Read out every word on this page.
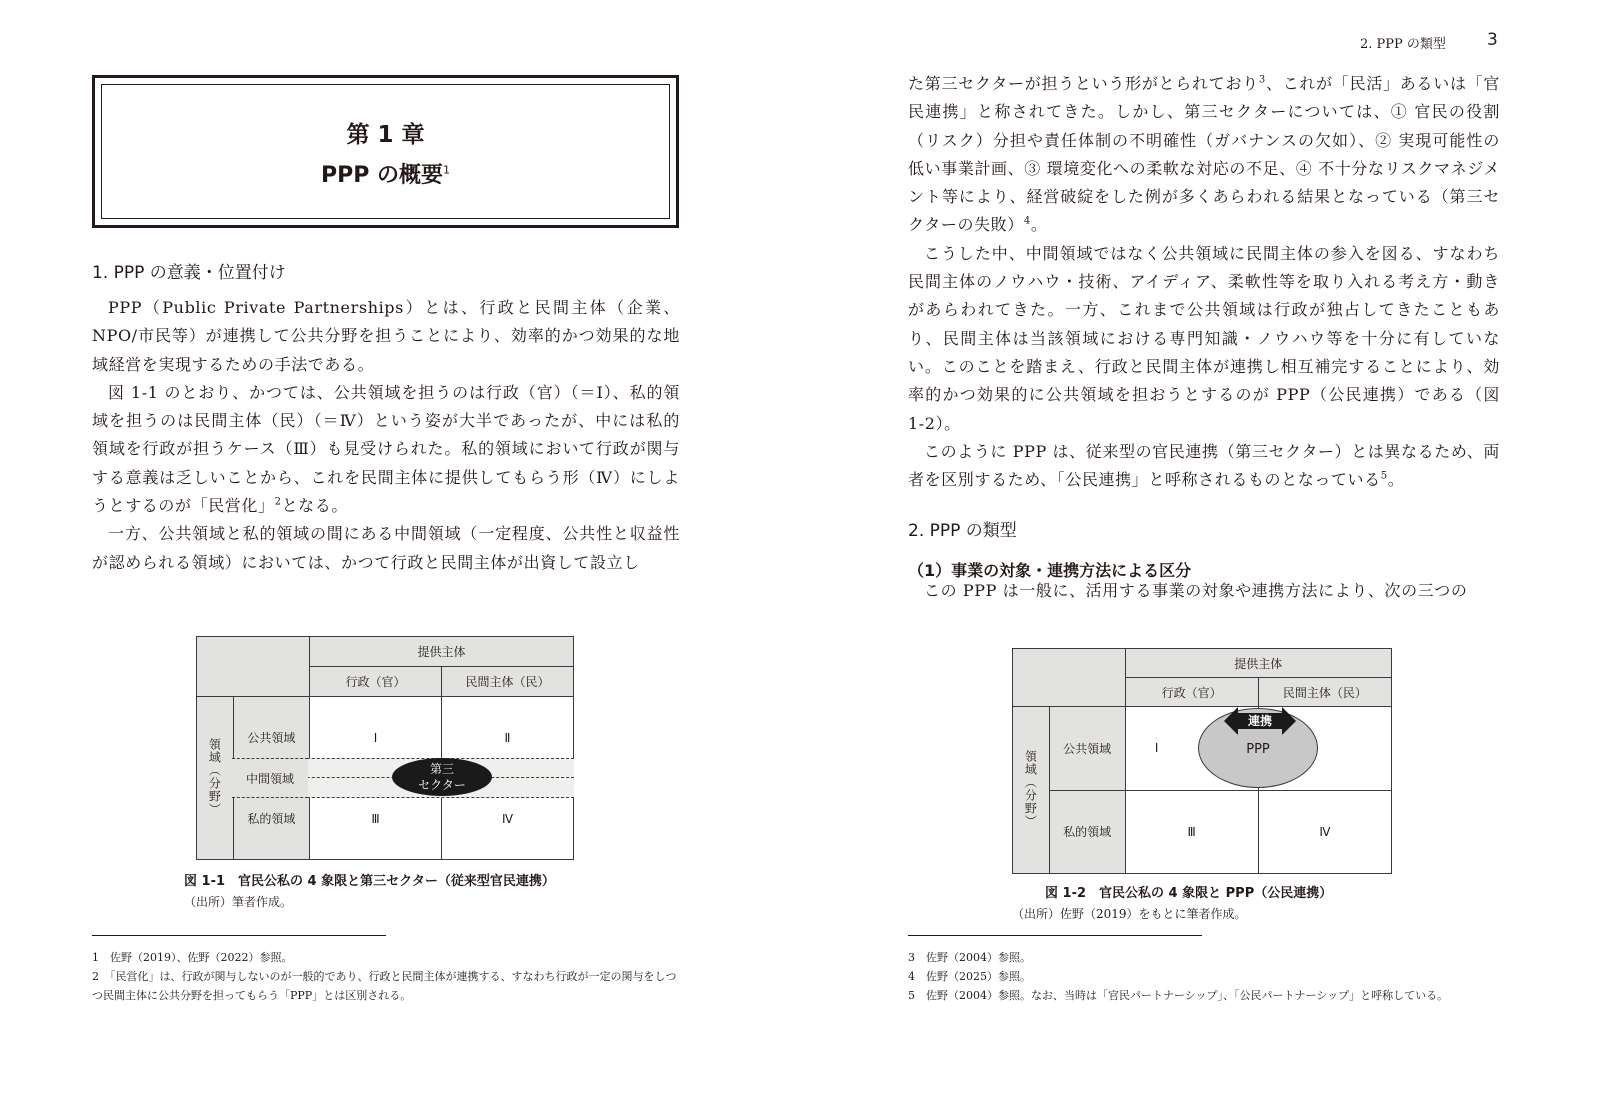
2. PPP の類型 3
第 1 章
PPP の概要$^1$
1. PPP の意義・位置付け

PPP（Public Private Partnerships）とは、行政と民間主体（企業、NPO/市民等）が連携して公共分野を担うことにより、効率的かつ効果的な地域経営を実現するための手法である。

図 1-1 のとおり、かつては、公共領域を担うのは行政（官）（＝Ⅰ）、私的領域を担うのは民間主体（民）（＝Ⅳ）という姿が大半であったが、中には私的領域を行政が担うケース（Ⅲ）も見受けられた。私的領域において行政が関与する意義は乏しいことから、これを民間主体に提供してもらう形（Ⅳ）にしようとするのが「民営化」$^2$となる。

一方、公共領域と私的領域の間にある中間領域（一定程度、公共性と収益性が認められる領域）においては、かつて行政と民間主体が出資して設立し

た第三セクターが担うという形がとられており$^3$、これが「民活」あるいは「官民連携」と称されてきた。しかし、第三セクターについては、① 官民の役割（リスク）分担や責任体制の不明確性（ガバナンスの欠如）、② 実現可能性の低い事業計画、③ 環境変化への柔軟な対応の不足、④ 不十分なリスクマネジメント等により、経営破綻をした例が多くあらわれる結果となっている（第三セクターの失敗）$^4$。

こうした中、中間領域ではなく公共領域に民間主体の参入を図る、すなわち民間主体のノウハウ・技術、アイディア、柔軟性等を取り入れる考え方・動きがあらわれてきた。一方、これまで公共領域は行政が独占してきたこともあり、民間主体は当該領域における専門知識・ノウハウ等を十分に有していない。このことを踏まえ、行政と民間主体が連携し相互補完することにより、効率的かつ効果的に公共領域を担おうとするのが PPP（公民連携）である（図 1-2）。

このように PPP は、従来型の官民連携（第三セクター）とは異なるため、両者を区別するため、「公民連携」と呼称されるものとなっている$^5$。

2. PPP の類型
（1）事業の対象・連携方法による区分

この PPP は一般に、活用する事業の対象や連携方法により、次の三つの

		提供主体	
		行政（官）	民間主体（民）
領域（分野）	公共領域	Ⅰ	Ⅱ
	私的領域	Ⅲ	Ⅳ
中間領域
第三
セクター
図 1-1　官民公私の 4 象限と第三セクター（従来型官民連携）
（出所）筆者作成。
		提供主体	
		行政（官）	民間主体（民）
領域（分野）	公共領域	Ⅰ	
	私的領域	Ⅲ	Ⅳ
PPP
連携
図 1-2　官民公私の 4 象限と PPP（公民連携）
（出所）佐野（2019）をもとに筆者作成。
1　佐野（2019）、佐野（2022）参照。
2　「民営化」は、行政が関与しないのが一般的であり、行政と民間主体が連携する、すなわち行政が一定の関与をしつつ民間主体に公共分野を担ってもらう「PPP」とは区別される。
3　佐野（2004）参照。
4　佐野（2025）参照。
5　佐野（2004）参照。なお、当時は「官民パートナーシップ」、「公民パートナーシップ」と呼称している。
